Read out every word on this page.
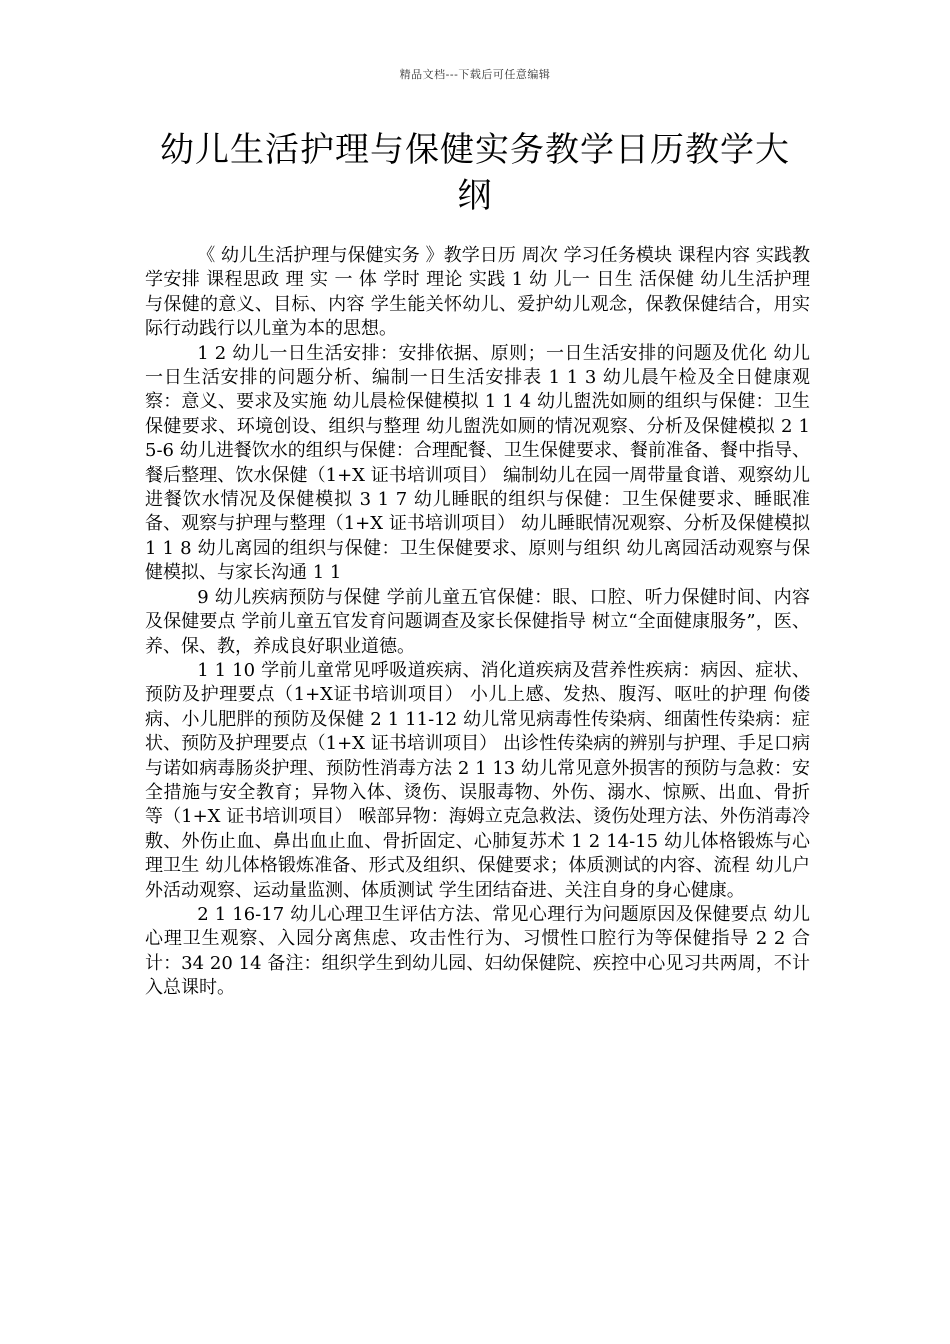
精品文档---下载后可任意编辑
幼儿生活护理与保健实务教学日历教学大纲

《 幼儿生活护理与保健实务 》教学日历 周次 学习任务模块 课程内容 实践教学安排 课程思政 理 实 一 体 学时 理论 实践 1 幼 儿一 日生 活保健 幼儿生活护理与保健的意义、目标、内容 学生能关怀幼儿、爱护幼儿观念，保教保健结合，用实际行动践行以儿童为本的思想。

1 2 幼儿一日生活安排：安排依据、原则；一日生活安排的问题及优化 幼儿一日生活安排的问题分析、编制一日生活安排表 1 1 3 幼儿晨午检及全日健康观察：意义、要求及实施 幼儿晨检保健模拟 1 1 4 幼儿盥洗如厕的组织与保健：卫生保健要求、环境创设、组织与整理 幼儿盥洗如厕的情况观察、分析及保健模拟 2 1 5-6 幼儿进餐饮水的组织与保健：合理配餐、卫生保健要求、餐前准备、餐中指导、餐后整理、饮水保健（1+X 证书培训项目） 编制幼儿在园一周带量食谱、观察幼儿进餐饮水情况及保健模拟 3 1 7 幼儿睡眠的组织与保健：卫生保健要求、睡眠准备、观察与护理与整理（1+X 证书培训项目） 幼儿睡眠情况观察、分析及保健模拟 1 1 8 幼儿离园的组织与保健：卫生保健要求、原则与组织 幼儿离园活动观察与保健模拟、与家长沟通 1 1

9 幼儿疾病预防与保健 学前儿童五官保健：眼、口腔、听力保健时间、内容及保健要点 学前儿童五官发育问题调查及家长保健指导 树立“全面健康服务”，医、养、保、教，养成良好职业道德。

1 1 10 学前儿童常见呼吸道疾病、消化道疾病及营养性疾病：病因、症状、预防及护理要点（1+X证书培训项目） 小儿上感、发热、腹泻、呕吐的护理 佝偻病、小儿肥胖的预防及保健 2 1 11-12 幼儿常见病毒性传染病、细菌性传染病：症状、预防及护理要点（1+X 证书培训项目） 出诊性传染病的辨别与护理、手足口病与诺如病毒肠炎护理、预防性消毒方法 2 1 13 幼儿常见意外损害的预防与急救：安全措施与安全教育；异物入体、烫伤、误服毒物、外伤、溺水、惊厥、出血、骨折等（1+X 证书培训项目） 喉部异物：海姆立克急救法、烫伤处理方法、外伤消毒冷敷、外伤止血、鼻出血止血、骨折固定、心肺复苏术 1 2 14-15 幼儿体格锻炼与心理卫生 幼儿体格锻炼准备、形式及组织、保健要求；体质测试的内容、流程 幼儿户外活动观察、运动量监测、体质测试 学生团结奋进、关注自身的身心健康。

2 1 16-17 幼儿心理卫生评估方法、常见心理行为问题原因及保健要点 幼儿心理卫生观察、入园分离焦虑、攻击性行为、习惯性口腔行为等保健指导 2 2 合计：34 20 14 备注：组织学生到幼儿园、妇幼保健院、疾控中心见习共两周，不计入总课时。
